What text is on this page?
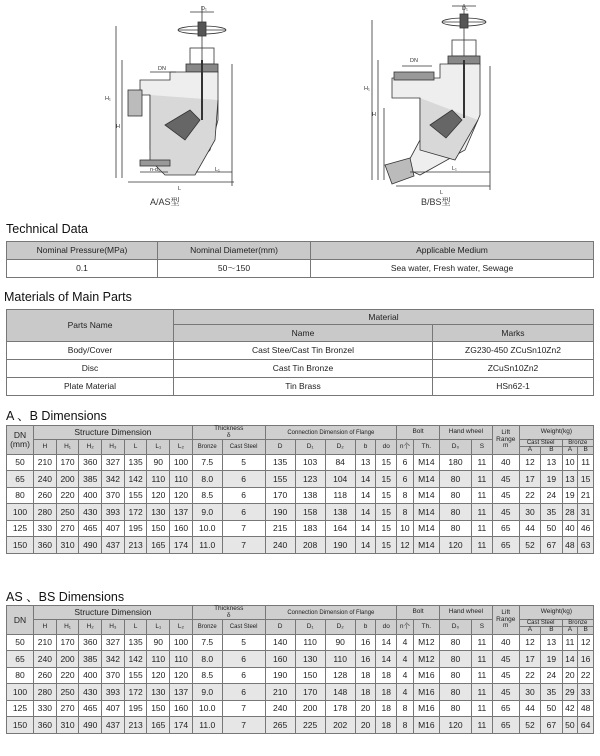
D₁
DN
H₁
H
L
n-d₀	L₁
A/AS型
D₁
DN
H₁
H
L
L₁
B/BS型
Technical Data
Nominal Pressure(MPa)	Nominal Diameter(mm)	Applicable Medium
0.1	50～150	Sea water, Fresh water, Sewage
Materials of Main Parts
Parts Name	Material	
	Name	Marks
Body/Cover	Cast Stee/Cast Tin Bronzel	ZG230-450 ZCuSn10Zn2
Disc	Cast Tin Bronze	ZCuSn10Zn2
Plate Material	Tin Brass	HSn62-1
A 、B Dimensions
DN
(mm)	Structure Dimension							Thickness
δ		Connection Dimension of Flange					Bolt		Hand wheel		Lift
Range
m	Weight(kg)			
	H	H₁	H₂	H₃	L	L₁	L₂	Bronze	Cast Steel	D	D₁	D₂	b	do	n个	Th.	D₀	S		Cast Steel		Bronze	
																				A	B	A	B
50	210	170	360	327	135	90	100	7.5	5	135	103	84	13	15	6	M14	180	11	40	12	13	10	11
65	240	200	385	342	142	110	110	8.0	6	155	123	104	14	15	6	M14	80	11	45	17	19	13	15
80	260	220	400	370	155	120	120	8.5	6	170	138	118	14	15	8	M14	80	11	45	22	24	19	21
100	280	250	430	393	172	130	137	9.0	6	190	158	138	14	15	8	M14	80	11	45	30	35	28	31
125	330	270	465	407	195	150	160	10.0	7	215	183	164	14	15	10	M14	80	11	65	44	50	40	46
150	360	310	490	437	213	165	174	11.0	7	240	208	190	14	15	12	M14	120	11	65	52	67	48	63
AS 、BS Dimensions
DN	Structure Dimension							Thickness
δ		Connection Dimension of Flange					Bolt		Hand wheel		Lift
Range
m	Weight(kg)			
	H	H₁	H₂	H₃	L	L₁	L₂	Bronze	Cast Steel	D	D₁	D₂	b	do	n个	Th.	D₀	S		Cast Steel		Bronze	
																				A	B	A	B
50	210	170	360	327	135	90	100	7.5	5	140	110	90	16	14	4	M12	80	11	40	12	13	11	12
65	240	200	385	342	142	110	110	8.0	6	160	130	110	16	14	4	M12	80	11	45	17	19	14	16
80	260	220	400	370	155	120	120	8.5	6	190	150	128	18	18	4	M16	80	11	45	22	24	20	22
100	280	250	430	393	172	130	137	9.0	6	210	170	148	18	18	4	M16	80	11	45	30	35	29	33
125	330	270	465	407	195	150	160	10.0	7	240	200	178	20	18	8	M16	80	11	65	44	50	42	48
150	360	310	490	437	213	165	174	11.0	7	265	225	202	20	18	8	M16	120	11	65	52	67	50	64
